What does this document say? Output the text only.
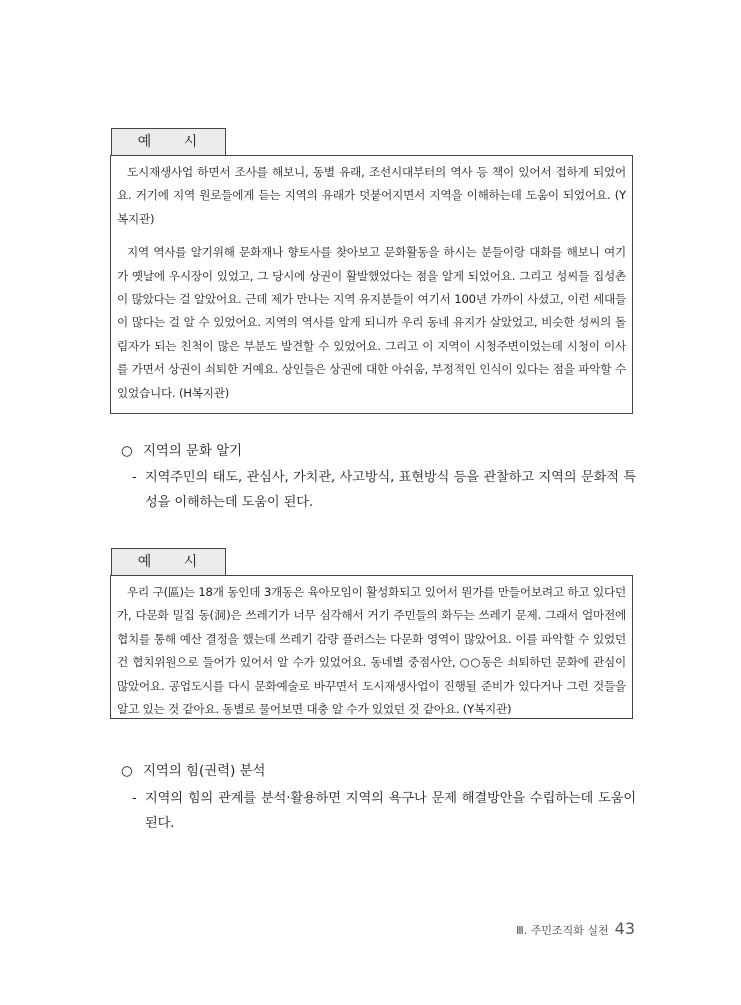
예 시

도시재생사업 하면서 조사를 해보니, 동별 유래, 조선시대부터의 역사 등 책이 있어서 접하게 되었어요. 거기에 지역 원로들에게 듣는 지역의 유래가 덧붙어지면서 지역을 이해하는데 도움이 되었어요. (Y복지관)

지역 역사를 알기위해 문화재나 향토사를 찾아보고 문화활동을 하시는 분들이랑 대화를 해보니 여기가 옛날에 우시장이 있었고, 그 당시에 상권이 활발했었다는 점을 알게 되었어요. 그리고 성씨들 집성촌이 많았다는 걸 알았어요. 근데 제가 만나는 지역 유지분들이 여기서 100년 가까이 사셨고, 이런 세대들이 많다는 걸 알 수 있었어요. 지역의 역사를 알게 되니까 우리 동네 유지가 살았었고, 비슷한 성씨의 돌림자가 되는 친척이 많은 부분도 발견할 수 있었어요. 그리고 이 지역이 시청주변이었는데 시청이 이사를 가면서 상권이 쇠퇴한 거예요. 상인들은 상권에 대한 아쉬움, 부정적인 인식이 있다는 점을 파악할 수 있었습니다. (H복지관)

○ 지역의 문화 알기
- 지역주민의 태도, 관심사, 가치관, 사고방식, 표현방식 등을 관찰하고 지역의 문화적 특성을 이해하는데 도움이 된다.
예 시

우리 구(區)는 18개 동인데 3개동은 육아모임이 활성화되고 있어서 뭔가를 만들어보려고 하고 있다던가, 다문화 밀집 동(洞)은 쓰레기가 너무 심각해서 거기 주민들의 화두는 쓰레기 문제. 그래서 얼마전에 협치를 통해 예산 결정을 했는데 쓰레기 감량 플러스는 다문화 영역이 많았어요. 이를 파악할 수 있었던 건 협치위원으로 들어가 있어서 알 수가 있었어요. 동네별 중점사안, ○○동은 쇠퇴하던 문화에 관심이 많았어요. 공업도시를 다시 문화예술로 바꾸면서 도시재생사업이 진행될 준비가 있다거나 그런 것들을 알고 있는 것 같아요. 동별로 물어보면 대충 알 수가 있었던 것 같아요. (Y복지관)

○ 지역의 힘(권력) 분석
- 지역의 힘의 관계를 분석·활용하면 지역의 욕구나 문제 해결방안을 수립하는데 도움이 된다.
Ⅲ. 주민조직화 실천 43
